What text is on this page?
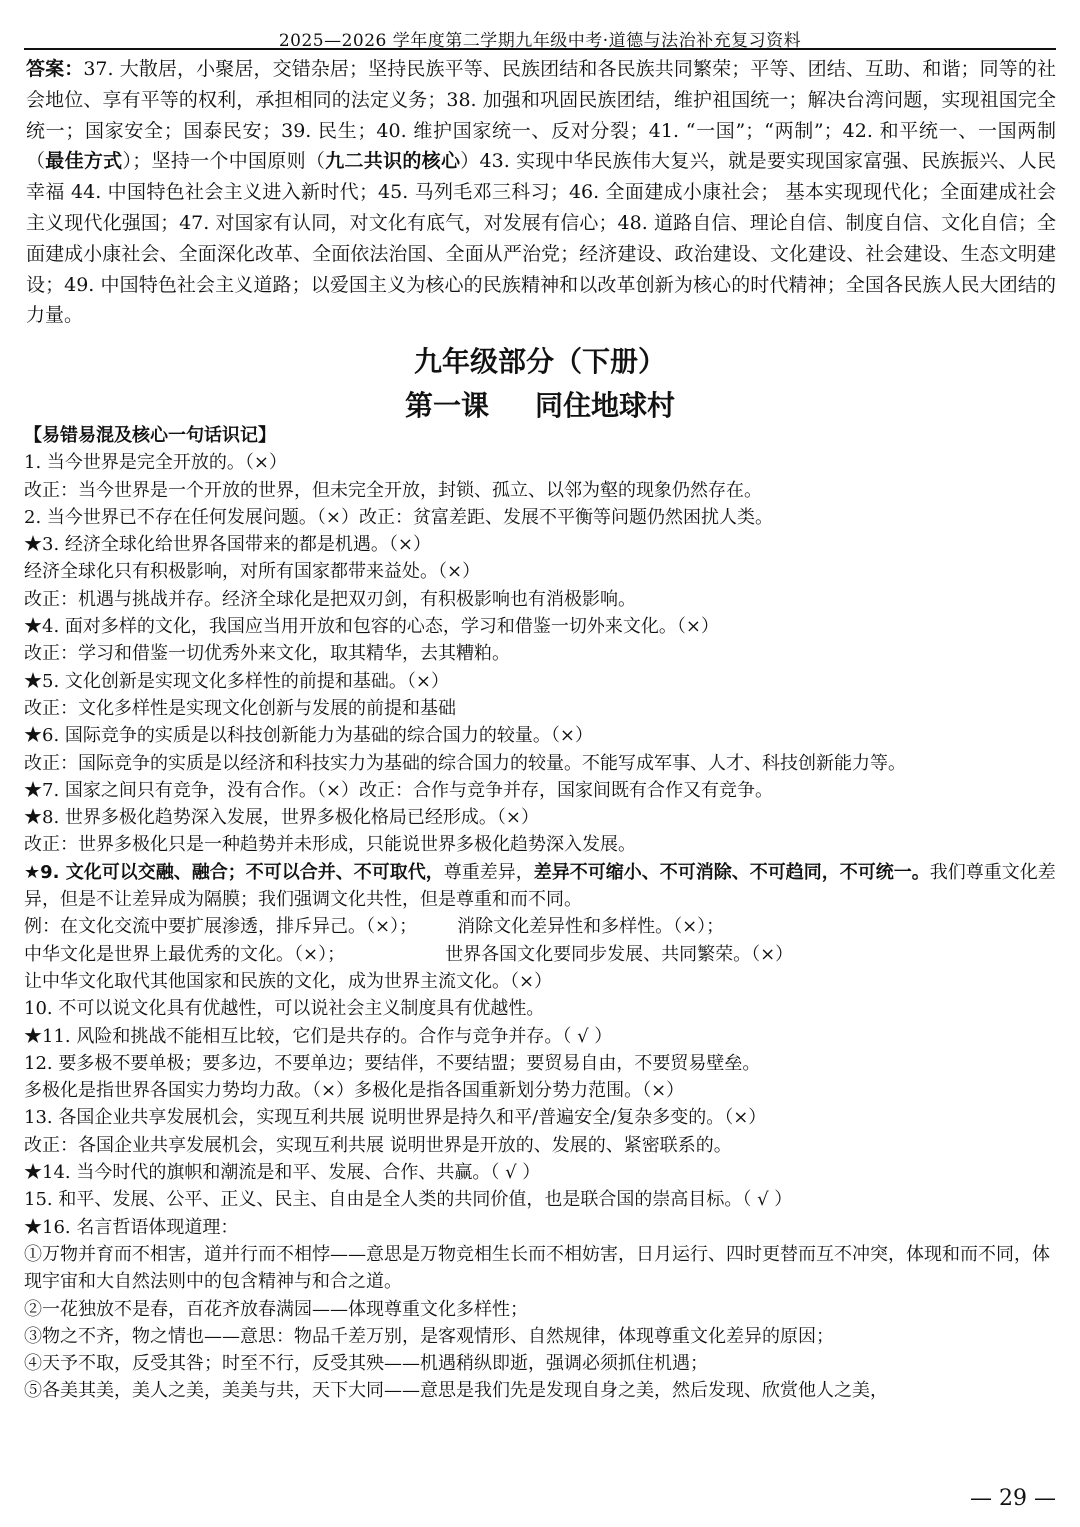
2025—2026 学年度第二学期九年级中考·道德与法治补充复习资料
答案：37. 大散居，小聚居，交错杂居；坚持民族平等、民族团结和各民族共同繁荣；平等、团结、互助、和谐；同等的社会地位、享有平等的权利，承担相同的法定义务；38. 加强和巩固民族团结，维护祖国统一；解决台湾问题，实现祖国完全统一；国家安全；国泰民安；39. 民生；40. 维护国家统一、反对分裂；41. “一国”；“两制”；42. 和平统一、一国两制（最佳方式）；坚持一个中国原则（九二共识的核心）43. 实现中华民族伟大复兴，就是要实现国家富强、民族振兴、人民幸福 44. 中国特色社会主义进入新时代；45. 马列毛邓三科习；46. 全面建成小康社会； 基本实现现代化；全面建成社会主义现代化强国；47. 对国家有认同，对文化有底气，对发展有信心；48. 道路自信、理论自信、制度自信、文化自信；全面建成小康社会、全面深化改革、全面依法治国、全面从严治党；经济建设、政治建设、文化建设、社会建设、生态文明建设；49. 中国特色社会主义道路；以爱国主义为核心的民族精神和以改革创新为核心的时代精神；全国各民族人民大团结的力量。
九年级部分（下册）
第一课 同住地球村
【易错易混及核心一句话识记】
1. 当今世界是完全开放的。（×）
改正：当今世界是一个开放的世界，但未完全开放，封锁、孤立、以邻为壑的现象仍然存在。
2. 当今世界已不存在任何发展问题。（×）改正：贫富差距、发展不平衡等问题仍然困扰人类。
★3. 经济全球化给世界各国带来的都是机遇。（×）
经济全球化只有积极影响，对所有国家都带来益处。（×）
改正：机遇与挑战并存。经济全球化是把双刃剑，有积极影响也有消极影响。
★4. 面对多样的文化，我国应当用开放和包容的心态，学习和借鉴一切外来文化。（×）
改正：学习和借鉴一切优秀外来文化，取其精华，去其糟粕。
★5. 文化创新是实现文化多样性的前提和基础。（×）
改正：文化多样性是实现文化创新与发展的前提和基础
★6. 国际竞争的实质是以科技创新能力为基础的综合国力的较量。（×）
改正：国际竞争的实质是以经济和科技实力为基础的综合国力的较量。不能写成军事、人才、科技创新能力等。
★7. 国家之间只有竞争，没有合作。（×）改正：合作与竞争并存，国家间既有合作又有竞争。
★8. 世界多极化趋势深入发展，世界多极化格局已经形成。（×）
改正：世界多极化只是一种趋势并未形成，只能说世界多极化趋势深入发展。
★9. 文化可以交融、融合；不可以合并、不可取代，尊重差异，差异不可缩小、不可消除、不可趋同，不可统一。我们尊重文化差异，但是不让差异成为隔膜；我们强调文化共性，但是尊重和而不同。
例：在文化交流中要扩展渗透，排斥异己。（×）； 消除文化差异性和多样性。（×）；
中华文化是世界上最优秀的文化。（×）；	世界各国文化要同步发展、共同繁荣。（×）
让中华文化取代其他国家和民族的文化，成为世界主流文化。（×）
10. 不可以说文化具有优越性，可以说社会主义制度具有优越性。
★11. 风险和挑战不能相互比较，它们是共存的。合作与竞争并存。（ √ ）
12. 要多极不要单极；要多边，不要单边；要结伴，不要结盟；要贸易自由，不要贸易壁垒。
多极化是指世界各国实力势均力敌。（×）多极化是指各国重新划分势力范围。（×）
13. 各国企业共享发展机会，实现互利共展 说明世界是持久和平/普遍安全/复杂多变的。（×）
改正：各国企业共享发展机会，实现互利共展 说明世界是开放的、发展的、紧密联系的。
★14. 当今时代的旗帜和潮流是和平、发展、合作、共赢。（ √ ）
15. 和平、发展、公平、正义、民主、自由是全人类的共同价值，也是联合国的崇高目标。（ √ ）
★16. 名言哲语体现道理：
①万物并育而不相害，道并行而不相悖——意思是万物竞相生长而不相妨害，日月运行、四时更替而互不冲突，体现和而不同，体现宇宙和大自然法则中的包含精神与和合之道。
②一花独放不是春，百花齐放春满园——体现尊重文化多样性；
③物之不齐，物之情也——意思：物品千差万别，是客观情形、自然规律，体现尊重文化差异的原因；
④天予不取，反受其咎；时至不行，反受其殃——机遇稍纵即逝，强调必须抓住机遇；
⑤各美其美，美人之美，美美与共，天下大同——意思是我们先是发现自身之美，然后发现、欣赏他人之美，
— 29 —
